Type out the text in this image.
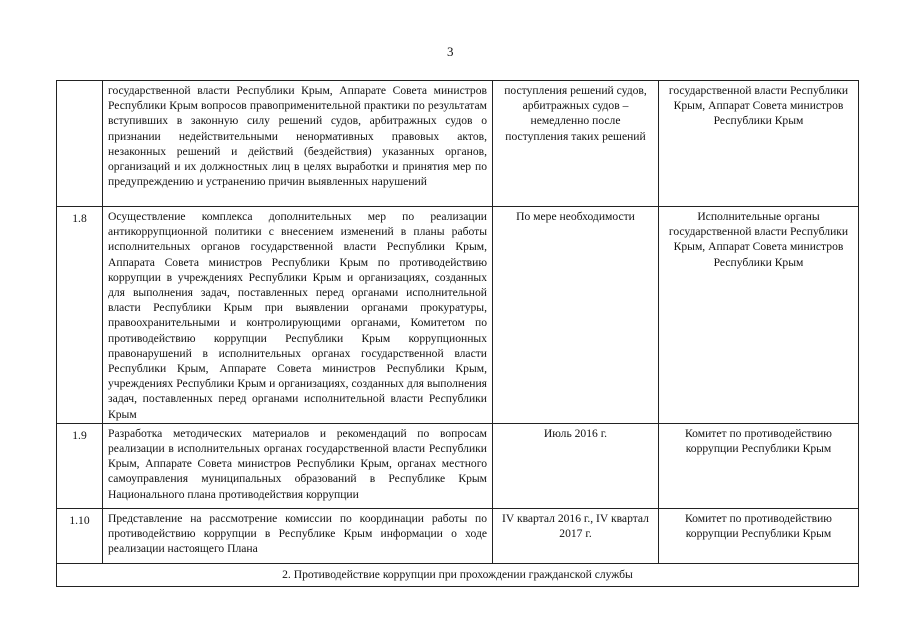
3
	государственной власти Республики Крым, Аппарате Совета министров Республики Крым вопросов правоприменительной практики по результатам вступивших в законную силу решений судов, арбитражных судов о признании недействительными ненормативных правовых актов, незаконных решений и действий (бездействия) указанных органов, организаций и их должностных лиц в целях выработки и принятия мер по предупреждению и устранению причин выявленных нарушений	поступления решений судов, арбитражных судов – немедленно после поступления таких решений	государственной власти Республики Крым, Аппарат Совета министров Республики Крым
1.8	Осуществление комплекса дополнительных мер по реализации антикоррупционной политики с внесением изменений в планы работы исполнительных органов государственной власти Республики Крым, Аппарата Совета министров Республики Крым по противодействию коррупции в учреждениях Республики Крым и организациях, созданных для выполнения задач, поставленных перед органами исполнительной власти Республики Крым при выявлении органами прокуратуры, правоохранительными и контролирующими органами, Комитетом по противодействию коррупции Республики Крым коррупционных правонарушений в исполнительных органах государственной власти Республики Крым, Аппарате Совета министров Республики Крым, учреждениях Республики Крым и организациях, созданных для выполнения задач, поставленных перед органами исполнительной власти Республики Крым	По мере необходимости	Исполнительные органы государственной власти Республики Крым, Аппарат Совета министров Республики Крым
1.9	Разработка методических материалов и рекомендаций по вопросам реализации в исполнительных органах государственной власти Республики Крым, Аппарате Совета министров Республики Крым, органах местного самоуправления муниципальных образований в Республике Крым Национального плана противодействия коррупции	Июль 2016 г.	Комитет по противодействию коррупции Республики Крым
1.10	Представление на рассмотрение комиссии по координации работы по противодействию коррупции в Республике Крым информации о ходе реализации настоящего Плана	IV квартал 2016 г., IV квартал 2017 г.	Комитет по противодействию коррупции Республики Крым
2. Противодействие коррупции при прохождении гражданской службы			
